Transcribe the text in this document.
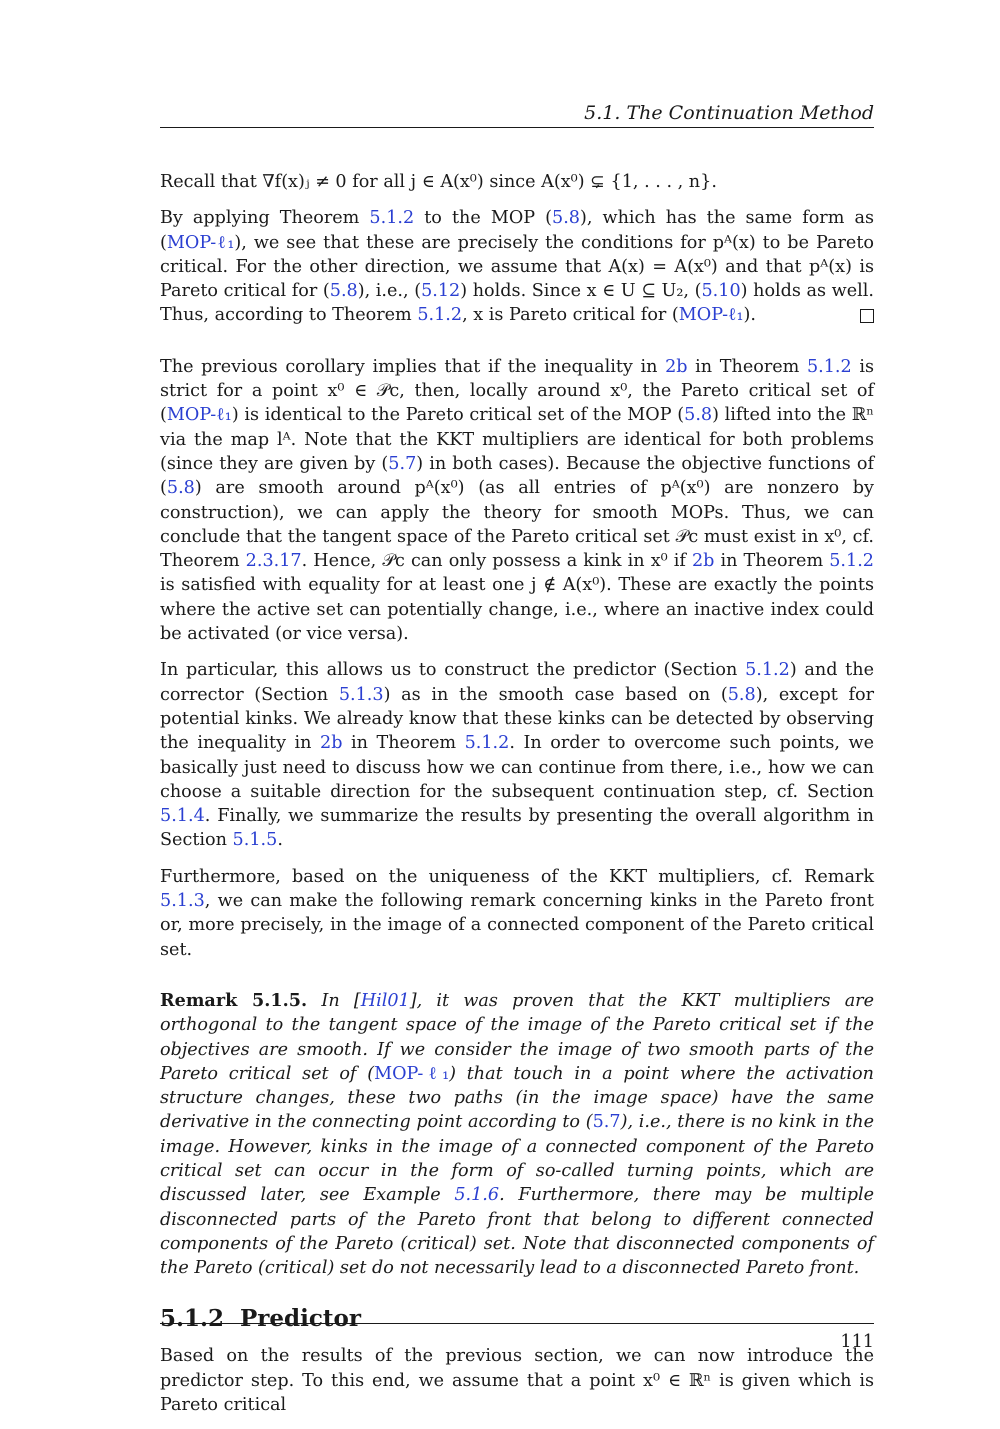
5.1. The Continuation Method

Recall that ∇f(x)ⱼ ≠ 0 for all j ∈ A(x⁰) since A(x⁰) ⊊ {1, . . . , n}.

By applying Theorem 5.1.2 to the MOP (5.8), which has the same form as (MOP-ℓ₁), we see that these are precisely the conditions for pᴬ(x) to be Pareto critical. For the other direction, we assume that A(x) = A(x⁰) and that pᴬ(x) is Pareto critical for (5.8), i.e., (5.12) holds. Since x ∈ U ⊆ U₂, (5.10) holds as well. Thus, according to Theorem 5.1.2, x is Pareto critical for (MOP-ℓ₁).

The previous corollary implies that if the inequality in 2b in Theorem 5.1.2 is strict for a point x⁰ ∈ 𝒫c, then, locally around x⁰, the Pareto critical set of (MOP-ℓ₁) is identical to the Pareto critical set of the MOP (5.8) lifted into the ℝⁿ via the map lᴬ. Note that the KKT multipliers are identical for both problems (since they are given by (5.7) in both cases). Because the objective functions of (5.8) are smooth around pᴬ(x⁰) (as all entries of pᴬ(x⁰) are nonzero by construction), we can apply the theory for smooth MOPs. Thus, we can conclude that the tangent space of the Pareto critical set 𝒫c must exist in x⁰, cf. Theorem 2.3.17. Hence, 𝒫c can only possess a kink in x⁰ if 2b in Theorem 5.1.2 is satisfied with equality for at least one j ∉ A(x⁰). These are exactly the points where the active set can potentially change, i.e., where an inactive index could be activated (or vice versa).

In particular, this allows us to construct the predictor (Section 5.1.2) and the corrector (Section 5.1.3) as in the smooth case based on (5.8), except for potential kinks. We already know that these kinks can be detected by observing the inequality in 2b in Theorem 5.1.2. In order to overcome such points, we basically just need to discuss how we can continue from there, i.e., how we can choose a suitable direction for the subsequent continuation step, cf. Section 5.1.4. Finally, we summarize the results by presenting the overall algorithm in Section 5.1.5.

Furthermore, based on the uniqueness of the KKT multipliers, cf. Remark 5.1.3, we can make the following remark concerning kinks in the Pareto front or, more precisely, in the image of a connected component of the Pareto critical set.

Remark 5.1.5. In [Hil01], it was proven that the KKT multipliers are orthogonal to the tangent space of the image of the Pareto critical set if the objectives are smooth. If we consider the image of two smooth parts of the Pareto critical set of (MOP-ℓ₁) that touch in a point where the activation structure changes, these two paths (in the image space) have the same derivative in the connecting point according to (5.7), i.e., there is no kink in the image. However, kinks in the image of a connected component of the Pareto critical set can occur in the form of so-called turning points, which are discussed later, see Example 5.1.6. Furthermore, there may be multiple disconnected parts of the Pareto front that belong to different connected components of the Pareto (critical) set. Note that disconnected components of the Pareto (critical) set do not necessarily lead to a disconnected Pareto front.

5.1.2 Predictor

Based on the results of the previous section, we can now introduce the predictor step. To this end, we assume that a point x⁰ ∈ ℝⁿ is given which is Pareto critical

111
